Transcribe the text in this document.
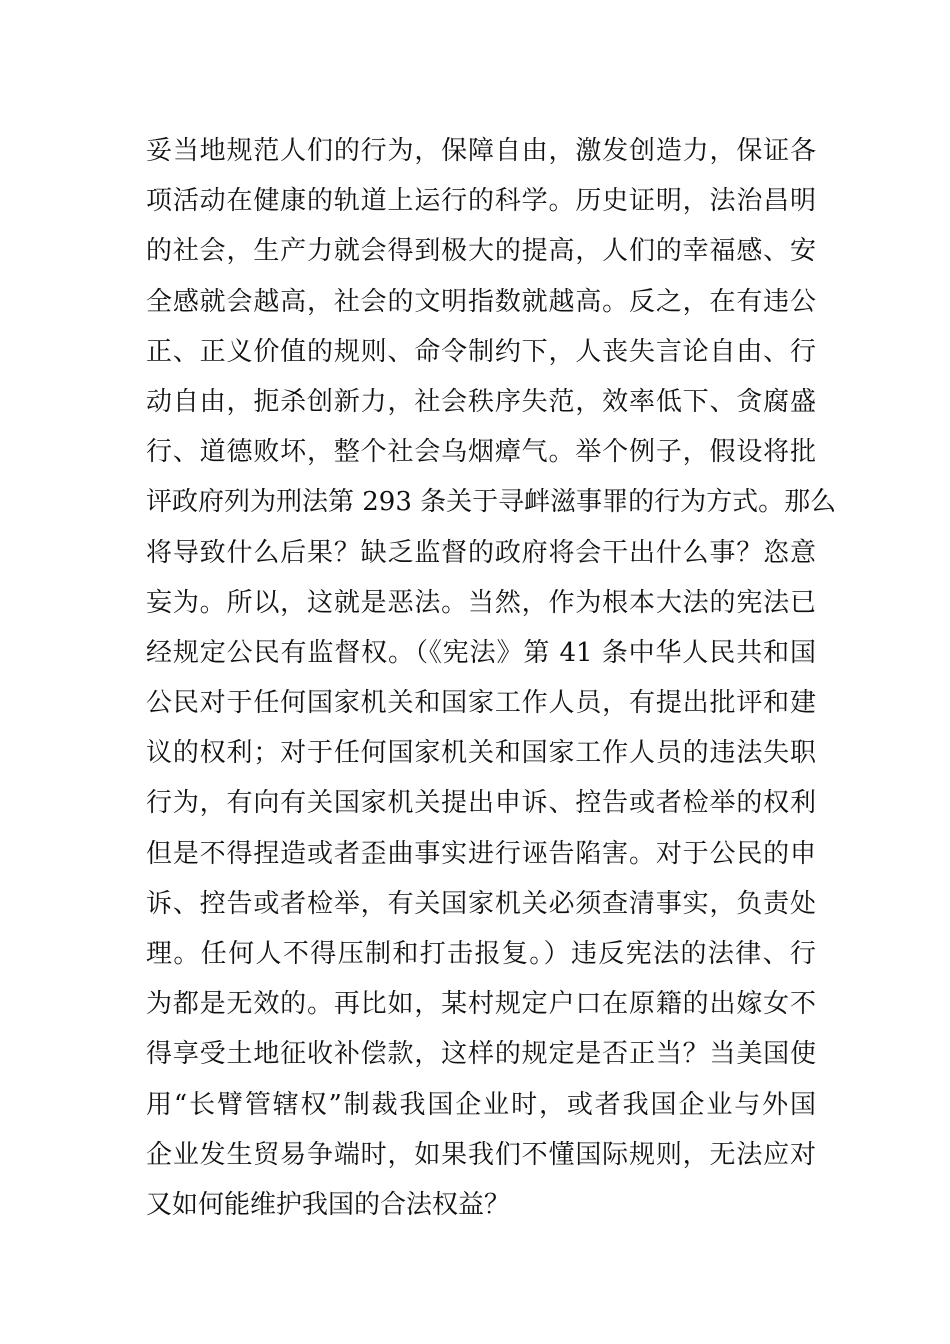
妥当地规范人们的行为，保障自由，激发创造力，保证各
项活动在健康的轨道上运行的科学。历史证明，法治昌明
的社会，生产力就会得到极大的提高，人们的幸福感、安
全感就会越高，社会的文明指数就越高。反之，在有违公
正、正义价值的规则、命令制约下，人丧失言论自由、行
动自由，扼杀创新力，社会秩序失范，效率低下、贪腐盛
行、道德败坏，整个社会乌烟瘴气。举个例子，假设将批
评政府列为刑法第 293 条关于寻衅滋事罪的行为方式。那么
将导致什么后果？缺乏监督的政府将会干出什么事？恣意
妄为。所以，这就是恶法。当然，作为根本大法的宪法已
经规定公民有监督权。（《宪法》第 41 条中华人民共和国
公民对于任何国家机关和国家工作人员，有提出批评和建
议的权利；对于任何国家机关和国家工作人员的违法失职
行为，有向有关国家机关提出申诉、控告或者检举的权利
但是不得捏造或者歪曲事实进行诬告陷害。对于公民的申
诉、控告或者检举，有关国家机关必须查清事实，负责处
理。任何人不得压制和打击报复。）违反宪法的法律、行
为都是无效的。再比如，某村规定户口在原籍的出嫁女不
得享受土地征收补偿款，这样的规定是否正当？当美国使
用“长臂管辖权”制裁我国企业时，或者我国企业与外国
企业发生贸易争端时，如果我们不懂国际规则，无法应对
又如何能维护我国的合法权益？
